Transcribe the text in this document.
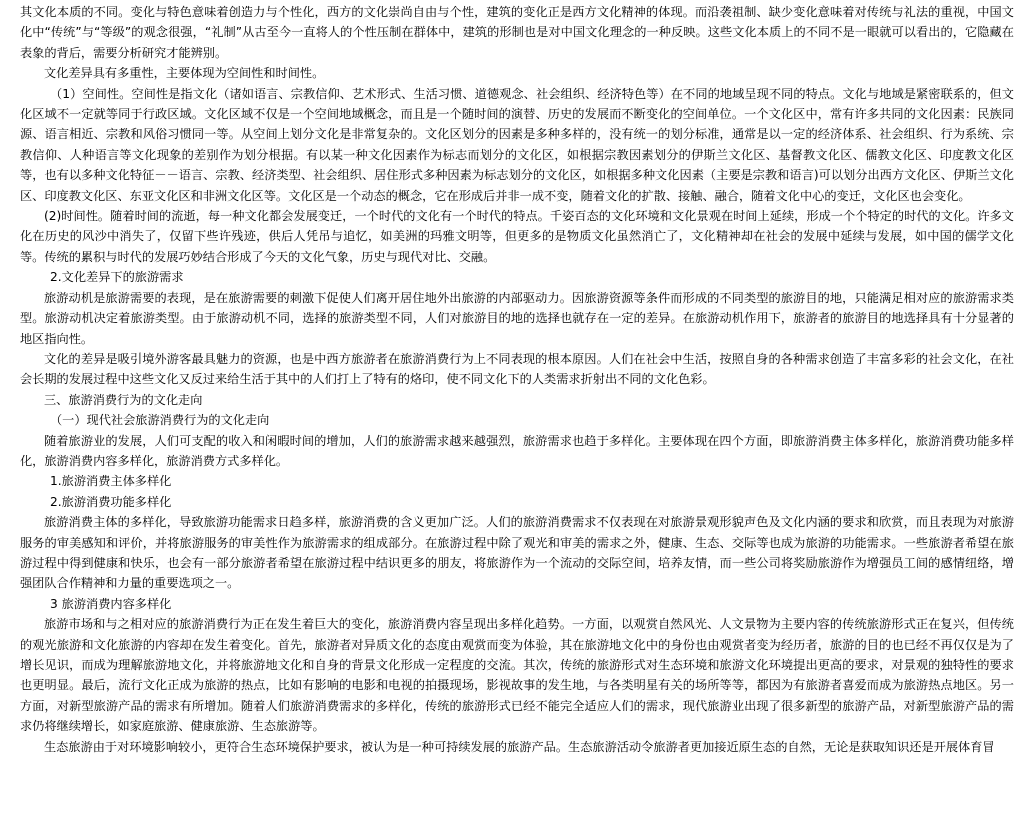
其文化本质的不同。变化与特色意味着创造力与个性化，西方的文化崇尚自由与个性，建筑的变化正是西方文化精神的体现。而沿袭祖制、缺少变化意味着对传统与礼法的重视，中国文化中“传统”与“等级”的观念很强，“礼制”从古至今一直将人的个性压制在群体中，建筑的形制也是对中国文化理念的一种反映。这些文化本质上的不同不是一眼就可以看出的，它隐藏在表象的背后，需要分析研究才能辨别。

文化差异具有多重性，主要体现为空间性和时间性。

（1）空间性。空间性是指文化（诸如语言、宗教信仰、艺术形式、生活习惯、道德观念、社会组织、经济特色等）在不同的地域呈现不同的特点。文化与地域是紧密联系的，但文化区域不一定就等同于行政区域。文化区域不仅是一个空间地域概念，而且是一个随时间的演替、历史的发展而不断变化的空间单位。一个文化区中，常有许多共同的文化因素：民族同源、语言相近、宗教和风俗习惯同一等。从空间上划分文化是非常复杂的。文化区划分的因素是多种多样的，没有统一的划分标准，通常是以一定的经济体系、社会组织、行为系统、宗教信仰、人种语言等文化现象的差别作为划分根据。有以某一种文化因素作为标志而划分的文化区，如根据宗教因素划分的伊斯兰文化区、基督教文化区、儒教文化区、印度教文化区等，也有以多种文化特征－－语言、宗教、经济类型、社会组织、居住形式多种因素为标志划分的文化区，如根据多种文化因素（主要是宗教和语言)可以划分出西方文化区、伊斯兰文化区、印度教文化区、东亚文化区和非洲文化区等。文化区是一个动态的概念，它在形成后并非一成不变，随着文化的扩散、接触、融合，随着文化中心的变迁，文化区也会变化。

(2)时间性。随着时间的流逝，每一种文化都会发展变迁，一个时代的文化有一个时代的特点。千姿百态的文化环境和文化景观在时间上延续，形成一个个特定的时代的文化。许多文化在历史的风沙中消失了，仅留下些许残迹，供后人凭吊与追忆，如美洲的玛雅文明等，但更多的是物质文化虽然消亡了，文化精神却在社会的发展中延续与发展，如中国的儒学文化等。传统的累积与时代的发展巧妙结合形成了今天的文化气象，历史与现代对比、交融。

2.文化差异下的旅游需求

旅游动机是旅游需要的表现，是在旅游需要的刺激下促使人们离开居住地外出旅游的内部驱动力。因旅游资源等条件而形成的不同类型的旅游目的地，只能满足相对应的旅游需求类型。旅游动机决定着旅游类型。由于旅游动机不同，选择的旅游类型不同，人们对旅游目的地的选择也就存在一定的差异。在旅游动机作用下，旅游者的旅游目的地选择具有十分显著的地区指向性。

文化的差异是吸引境外游客最具魅力的资源，也是中西方旅游者在旅游消费行为上不同表现的根本原因。人们在社会中生活，按照自身的各种需求创造了丰富多彩的社会文化，在社会长期的发展过程中这些文化又反过来给生活于其中的人们打上了特有的烙印，使不同文化下的人类需求折射出不同的文化色彩。

三、旅游消费行为的文化走向

（一）现代社会旅游消费行为的文化走向

随着旅游业的发展，人们可支配的收入和闲暇时间的增加，人们的旅游需求越来越强烈，旅游需求也趋于多样化。主要体现在四个方面，即旅游消费主体多样化，旅游消费功能多样化，旅游消费内容多样化，旅游消费方式多样化。

1.旅游消费主体多样化

2.旅游消费功能多样化

旅游消费主体的多样化，导致旅游功能需求日趋多样，旅游消费的含义更加广泛。人们的旅游消费需求不仅表现在对旅游景观形貌声色及文化内涵的要求和欣赏，而且表现为对旅游服务的审美感知和评价，并将旅游服务的审美性作为旅游需求的组成部分。在旅游过程中除了观光和审美的需求之外，健康、生态、交际等也成为旅游的功能需求。一些旅游者希望在旅游过程中得到健康和快乐，也会有一部分旅游者希望在旅游过程中结识更多的朋友，将旅游作为一个流动的交际空间，培养友情，而一些公司将奖励旅游作为增强员工间的感情纽络，增强团队合作精神和力量的重要选项之一。

3 旅游消费内容多样化

旅游市场和与之相对应的旅游消费行为正在发生着巨大的变化，旅游消费内容呈现出多样化趋势。一方面，以观赏自然风光、人文景物为主要内容的传统旅游形式正在复兴，但传统的观光旅游和文化旅游的内容却在发生着变化。首先，旅游者对异质文化的态度由观赏而变为体验，其在旅游地文化中的身份也由观赏者变为经历者，旅游的目的也已经不再仅仅是为了增长见识，而成为理解旅游地文化，并将旅游地文化和自身的背景文化形成一定程度的交流。其次，传统的旅游形式对生态环境和旅游文化环境提出更高的要求，对景观的独特性的要求也更明显。最后，流行文化正成为旅游的热点，比如有影响的电影和电视的拍摄现场，影视故事的发生地，与各类明星有关的场所等等，都因为有旅游者喜爱而成为旅游热点地区。另一方面，对新型旅游产品的需求有所增加。随着人们旅游消费需求的多样化，传统的旅游形式已经不能完全适应人们的需求，现代旅游业出现了很多新型的旅游产品，对新型旅游产品的需求仍将继续增长，如家庭旅游、健康旅游、生态旅游等。

生态旅游由于对环境影响较小，更符合生态环境保护要求，被认为是一种可持续发展的旅游产品。生态旅游活动令旅游者更加接近原生态的自然，无论是获取知识还是开展体育冒
